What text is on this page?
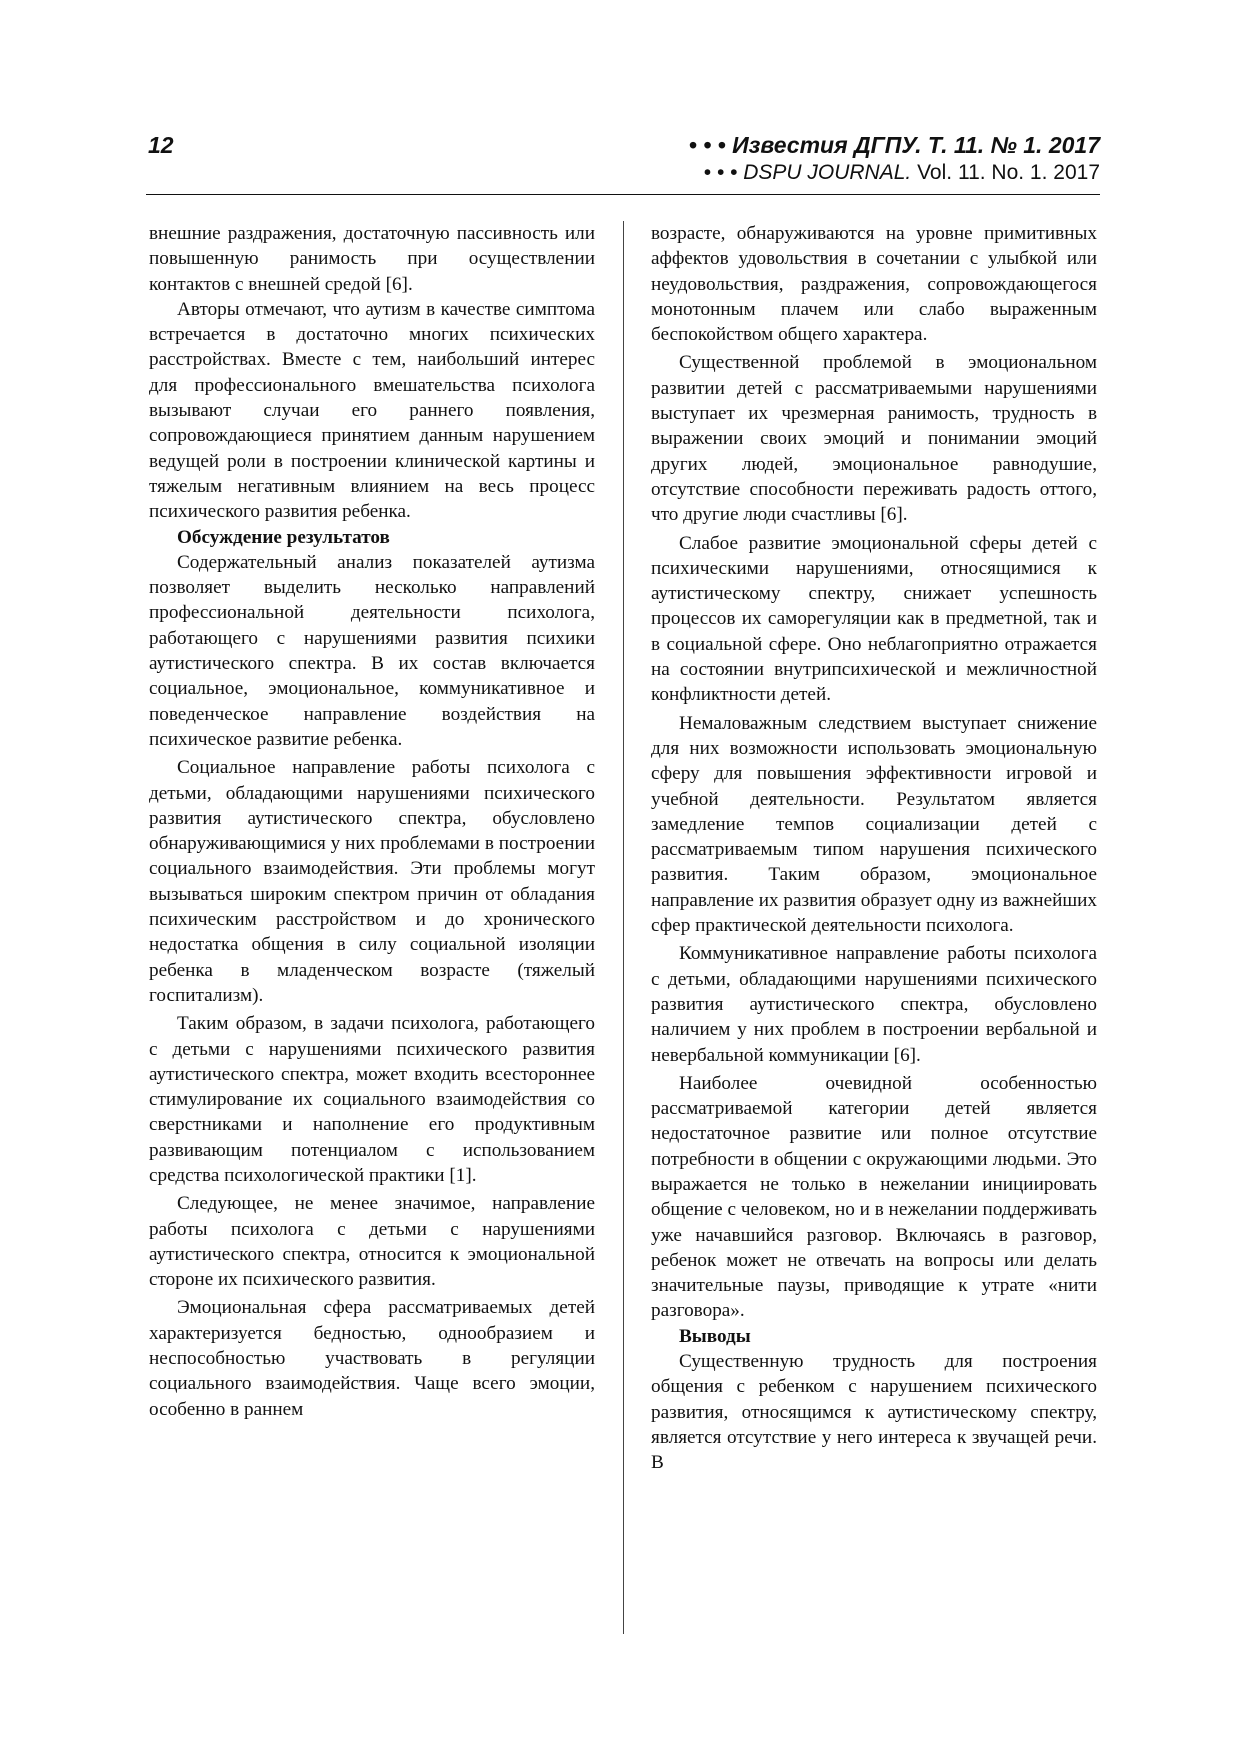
12	• • • Известия ДГПУ. Т. 11. № 1. 2017
• • • DSPU JOURNAL. Vol. 11. No. 1. 2017

внешние раздражения, достаточную пассивность или повышенную ранимость при осуществлении контактов с внешней средой [6].

Авторы отмечают, что аутизм в качестве симптома встречается в достаточно многих психических расстройствах. Вместе с тем, наибольший интерес для профессионального вмешательства психолога вызывают случаи его раннего появления, сопровождающиеся принятием данным нарушением ведущей роли в построении клинической картины и тяжелым негативным влиянием на весь процесс психического развития ребенка.

Обсуждение результатов

Содержательный анализ показателей аутизма позволяет выделить несколько направлений профессиональной деятельности психолога, работающего с нарушениями развития психики аутистического спектра. В их состав включается социальное, эмоциональное, коммуникативное и поведенческое направление воздействия на психическое развитие ребенка.

Социальное направление работы психолога с детьми, обладающими нарушениями психического развития аутистического спектра, обусловлено обнаруживающимися у них проблемами в построении социального взаимодействия. Эти проблемы могут вызываться широким спектром причин от обладания психическим расстройством и до хронического недостатка общения в силу социальной изоляции ребенка в младенческом возрасте (тяжелый госпитализм).

Таким образом, в задачи психолога, работающего с детьми с нарушениями психического развития аутистического спектра, может входить всестороннее стимулирование их социального взаимодействия со сверстниками и наполнение его продуктивным развивающим потенциалом с использованием средства психологической практики [1].

Следующее, не менее значимое, направление работы психолога с детьми с нарушениями аутистического спектра, относится к эмоциональной стороне их психического развития.

Эмоциональная сфера рассматриваемых детей характеризуется бедностью, однообразием и неспособностью участвовать в регуляции социального взаимодействия. Чаще всего эмоции, особенно в раннем

возрасте, обнаруживаются на уровне примитивных аффектов удовольствия в сочетании с улыбкой или неудовольствия, раздражения, сопровождающегося монотонным плачем или слабо выраженным беспокойством общего характера.

Существенной проблемой в эмоциональном развитии детей с рассматриваемыми нарушениями выступает их чрезмерная ранимость, трудность в выражении своих эмоций и понимании эмоций других людей, эмоциональное равнодушие, отсутствие способности переживать радость оттого, что другие люди счастливы [6].

Слабое развитие эмоциональной сферы детей с психическими нарушениями, относящимися к аутистическому спектру, снижает успешность процессов их саморегуляции как в предметной, так и в социальной сфере. Оно неблагоприятно отражается на состоянии внутрипсихической и межличностной конфликтности детей.

Немаловажным следствием выступает снижение для них возможности использовать эмоциональную сферу для повышения эффективности игровой и учебной деятельности. Результатом является замедление темпов социализации детей с рассматриваемым типом нарушения психического развития. Таким образом, эмоциональное направление их развития образует одну из важнейших сфер практической деятельности психолога.

Коммуникативное направление работы психолога с детьми, обладающими нарушениями психического развития аутистического спектра, обусловлено наличием у них проблем в построении вербальной и невербальной коммуникации [6].

Наиболее очевидной особенностью рассматриваемой категории детей является недостаточное развитие или полное отсутствие потребности в общении с окружающими людьми. Это выражается не только в нежелании инициировать общение с человеком, но и в нежелании поддерживать уже начавшийся разговор. Включаясь в разговор, ребенок может не отвечать на вопросы или делать значительные паузы, приводящие к утрате «нити разговора».

Выводы

Существенную трудность для построения общения с ребенком с нарушением психического развития, относящимся к аутистическому спектру, является отсутствие у него интереса к звучащей речи. В
